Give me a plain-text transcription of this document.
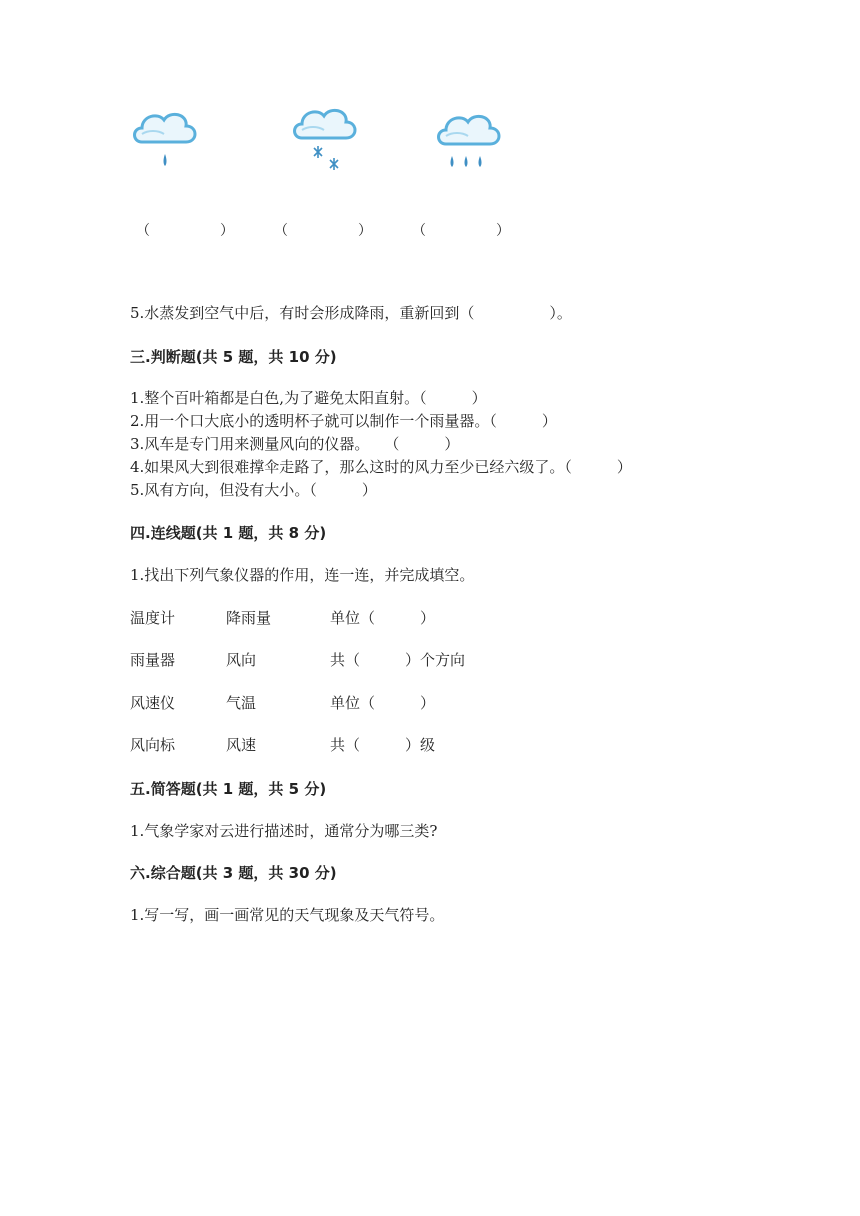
（　　　　　）	（　　　　　）	（　　　　　）
5.水蒸发到空气中后，有时会形成降雨，重新回到（　　　　　）。
三.判断题(共 5 题，共 10 分)
1.整个百叶箱都是白色,为了避免太阳直射。（　　　）
2.用一个口大底小的透明杯子就可以制作一个雨量器。（　　　）
3.风车是专门用来测量风向的仪器。　　（　　　）
4.如果风大到很难撑伞走路了，那么这时的风力至少已经六级了。（　　　）
5.风有方向，但没有大小。（　　　）
四.连线题(共 1 题，共 8 分)
1.找出下列气象仪器的作用，连一连，并完成填空。
温度计	降雨量	单位（　　　）
雨量器	风向	共（　　　）个方向
风速仪	气温	单位（　　　）
风向标	风速	共（　　　）级
五.简答题(共 1 题，共 5 分)
1.气象学家对云进行描述时，通常分为哪三类?
六.综合题(共 3 题，共 30 分)
1.写一写，画一画常见的天气现象及天气符号。
